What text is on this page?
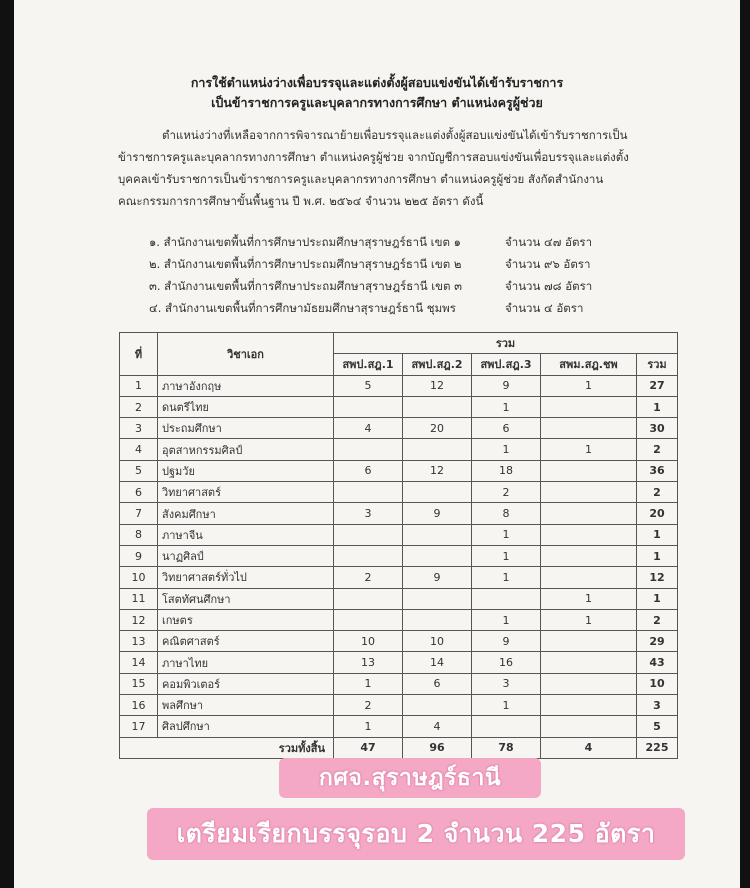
การใช้ตำแหน่งว่างเพื่อบรรจุและแต่งตั้งผู้สอบแข่งขันได้เข้ารับราชการ
เป็นข้าราชการครูและบุคลากรทางการศึกษา ตำแหน่งครูผู้ช่วย
ตำแหน่งว่างที่เหลือจากการพิจารณาย้ายเพื่อบรรจุและแต่งตั้งผู้สอบแข่งขันได้เข้ารับราชการเป็น
ข้าราชการครูและบุคลากรทางการศึกษา ตำแหน่งครูผู้ช่วย จากบัญชีการสอบแข่งขันเพื่อบรรจุและแต่งตั้ง
บุคคลเข้ารับราชการเป็นข้าราชการครูและบุคลากรทางการศึกษา ตำแหน่งครูผู้ช่วย สังกัดสำนักงาน
คณะกรรมการการศึกษาขั้นพื้นฐาน ปี พ.ศ. ๒๕๖๔ จำนวน ๒๒๕ อัตรา ดังนี้
๑. สำนักงานเขตพื้นที่การศึกษาประถมศึกษาสุราษฎร์ธานี เขต ๑	จำนวน ๔๗ อัตรา
๒. สำนักงานเขตพื้นที่การศึกษาประถมศึกษาสุราษฎร์ธานี เขต ๒	จำนวน ๙๖ อัตรา
๓. สำนักงานเขตพื้นที่การศึกษาประถมศึกษาสุราษฎร์ธานี เขต ๓	จำนวน ๗๘ อัตรา
๔. สำนักงานเขตพื้นที่การศึกษามัธยมศึกษาสุราษฎร์ธานี ชุมพร	จำนวน ๔ อัตรา
ที่	วิชาเอก	รวม				
		สพป.สฎ.1	สพป.สฎ.2	สพป.สฎ.3	สพม.สฎ.ชพ	รวม
1	ภาษาอังกฤษ	5	12	9	1	27
2	ดนตรีไทย			1		1
3	ประถมศึกษา	4	20	6		30
4	อุตสาหกรรมศิลป์			1	1	2
5	ปฐมวัย	6	12	18		36
6	วิทยาศาสตร์			2		2
7	สังคมศึกษา	3	9	8		20
8	ภาษาจีน			1		1
9	นาฏศิลป์			1		1
10	วิทยาศาสตร์ทั่วไป	2	9	1		12
11	โสตทัศนศึกษา				1	1
12	เกษตร			1	1	2
13	คณิตศาสตร์	10	10	9		29
14	ภาษาไทย	13	14	16		43
15	คอมพิวเตอร์	1	6	3		10
16	พลศึกษา	2		1		3
17	ศิลปศึกษา	1	4			5
รวมทั้งสิ้น		47	96	78	4	225
กศจ.สุราษฎร์ธานี
เตรียมเรียกบรรจุรอบ 2 จำนวน 225 อัตรา
